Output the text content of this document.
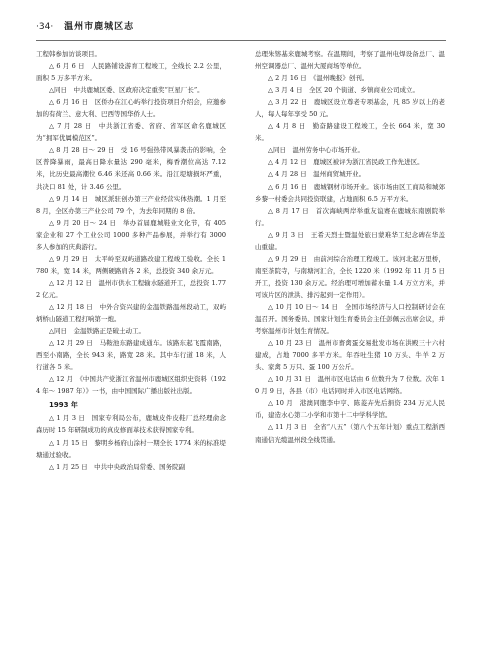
·34· 温州市鹿城区志

工程韩参加访谈项目。

△ 6 月 6 日　人民路铺设游育工程竣工，全线长 2.2 公里，面积 5 万多平方米。

△同日　中共鹿城区委、区政府决定重奖“巨星厂长”。

△ 6 月 16 日　区侨办在江心屿举行投资项目介绍会，应邀参加的有荷兰、意大利、巴西等国华侨人士。

△ 7 月 28 日　中共浙江省委、省府、省军区命名鹿城区为“拥军优属模范区”。

△ 8 月 28 日～ 29 日　受 16 号强热带风暴袭击的影响，全区普降暴雨，最高日降水量达 290 毫米，梅香潮位高达 7.12 米，比历史最高潮位 6.46 米还高 0.66 米。沿江堤塘损坏严重，共决口 81 处，计 3.46 公里。

△ 9 月 14 日　城区派驻创办第三产业经营实体热潮。1 月至 8 月，全区办第三产业公司 79 个，为去年同期的 8 倍。

△ 9 月 20 日～ 24 日　举办首届鹿城鞋业文化节，有 405 家企业和 27 个工业公司 1000 多种产品参展，并举行有 3000 多人参加的庆典游行。

△ 9 月 29 日　太平岭至双屿道路改建工程竣工验收。全长 1780 米，宽 14 米，两侧硬路肩各 2 米，总投资 340 余万元。

△ 12 月 12 日　温州市供水工程输水隧道开工，总投资 1.772 亿元。

△ 12 月 18 日　中外合资兴建的金温铁路温州段动工，双屿炳桥山隧道工程打响第一炮。

△同日　金温铁路正是破土动工。

△ 12 月 29 日　马鞍池东路建成通车。该路东起飞霞南路，西至小南路，全长 943 米，路宽 28 米。其中车行道 18 米，人行道各 5 米。

△ 12 月　《中国共产党浙江省温州市鹿城区组织史资料（1924 年～ 1987 年）》一书，由中国国际广播出版社出版。

1993 年

△ 1 月 3 日　国家专利局公布，鹿城皮件皮鞋厂总经理俞念森历时 15 年研制成功的真皮修面革技术获得国家专利。

△ 1 月 15 日　黎明乡杨府山涂村一期全长 1774 米的标准堤塘通过验收。

△ 1 月 25 日　中共中央政治局常委、国务院副

总理朱镕基来鹿城考察。在温期间，考察了温州电焊设备总厂、温州空调器总厂、温州大厦商场等单位。

△ 2 月 16 日　《温州晚报》创刊。

△ 3 月 4 日　全区 20 个街道、乡镇商业公司成立。

△ 3 月 22 日　鹿城区设立尊老专项基金，凡 85 岁以上的老人，每人每年享受 50 元。

△ 4 月 8 日　勤奋路建设工程竣工，全长 664 米，宽 30 米。

△同日　温州劳务中心市场开业。

△ 4 月 12 日　鹿城区被评为浙江省民政工作先进区。

△ 4 月 28 日　温州商贸城开业。

△ 6 月 16 日　鹿城钢材市场开业。该市场由区工商局和城郊乡黎一村委会共同投资联建，占地面积 6.5 万平方米。

△ 8 月 17 日　首次海峡两岸举重友谊赛在鹿城东南剧院举行。

△ 9 月 3 日　王希天烈士暨温处旅日蒙难华工纪念碑在华盖山重建。

△ 9 月 29 日　由前河综合治理工程竣工。该河北起万里桥，南至茶院寺，与南塘河汇合，全长 1220 米（1992 年 11 月 5 日开工，投资 130 余万元。经治理可增加蓄水量 1.4 万立方米，并可该片区的泄洪、排污起到一定作用）。

△ 10 月 10 日～ 14 日　全国市场经济与人口控制研讨会在温召开。国务委员、国家计划生育委员会主任彭佩云出席会议，并考察温州市计划生育情况。

△ 10 月 23 日　温州市畜禽蛋交易批发市场在洪殿三十六村建成，占地 7000 多平方米。年吞吐生猪 10 万头、牛羊 2 万头、家禽 5 万只、蛋 100 万公斤。

△ 10 月 31 日　温州市区电话由 6 位数升为 7 位数。次年 10 月 9 日，各县（市）电话同时并入市区电话网络。

△ 10 月　港澳同胞李中亨、陈菱卉先后捐资 234 万元人民币，建造水心第二小学和市第十二中学科学馆。

△ 11 月 3 日　全省“八五”（第八个五年计划）重点工程浙西南通信光缆温州段全线贯通。
